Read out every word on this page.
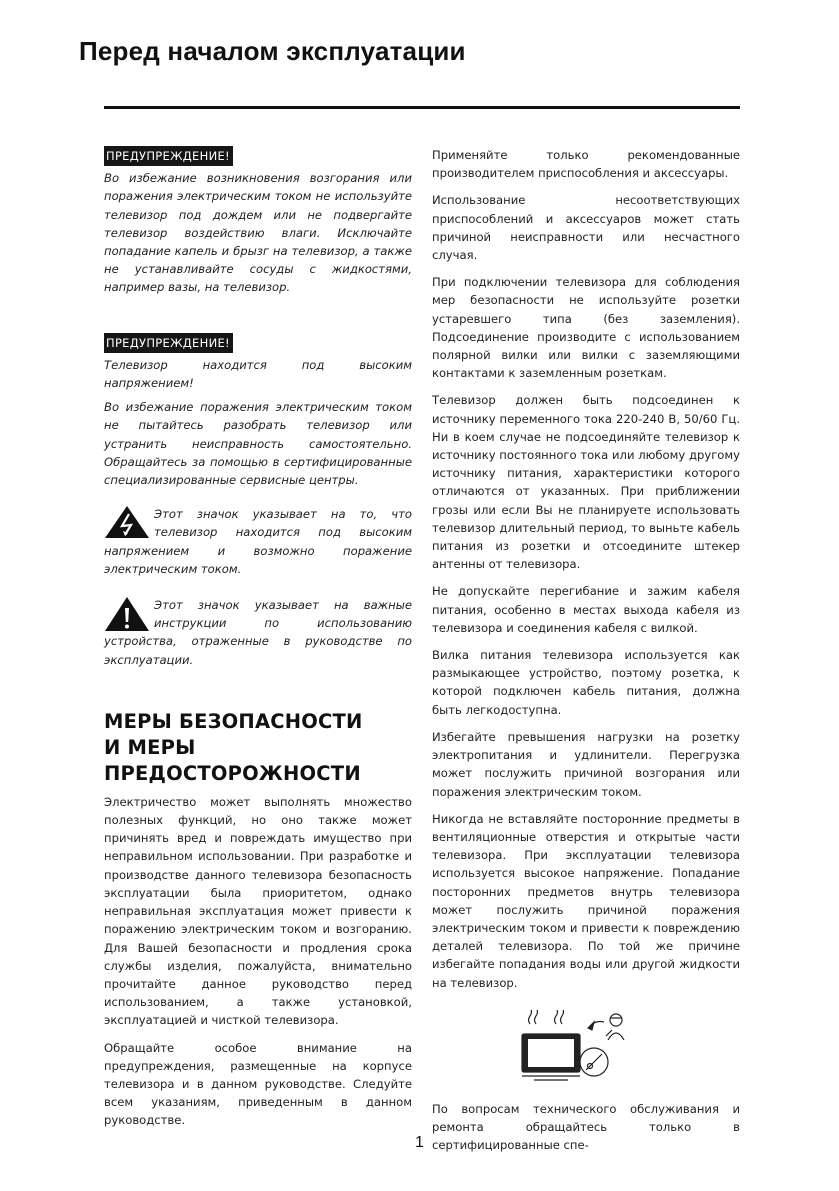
Перед началом эксплуатации
ПРЕДУПРЕЖДЕНИЕ!

Во избежание возникновения возгорания или поражения электрическим током не используйте телевизор под дождем или не подвергайте телевизор воздействию влаги. Исключайте попадание капель и брызг на телевизор, а также не устанавливайте сосуды с жидкостями, например вазы, на телевизор.

ПРЕДУПРЕЖДЕНИЕ!

Телевизор находится под высоким напряжением!

Во избежание поражения электрическим током не пытайтесь разобрать телевизор или устранить неисправность самостоятельно. Обращайтесь за помощью в сертифицированные специализированные сервисные центры.

Этот значок указывает на то, что телевизор находится под высоким напряжением и возможно поражение электрическим током.

Этот значок указывает на важные инструкции по использованию устройства, отраженные в руководстве по эксплуатации.

МЕРЫ БЕЗОПАСНОСТИ
И МЕРЫ ПРЕДОСТОРОЖНОСТИ

Электричество может выполнять множество полезных функций, но оно также может причинять вред и повреждать имущество при неправильном использовании. При разработке и производстве данного телевизора безопасность эксплуатации была приоритетом, однако неправильная эксплуатация может привести к поражению электрическим током и возгоранию. Для Вашей безопасности и продления срока службы изделия, пожалуйста, внимательно прочитайте данное руководство перед использованием, а также установкой, эксплуатацией и чисткой телевизора.

Обращайте особое внимание на предупреждения, размещенные на корпусе телевизора и в данном руководстве. Следуйте всем указаниям, приведенным в данном руководстве.

Применяйте только рекомендованные производителем приспособления и аксессуары.

Использование несоответствующих приспособлений и аксессуаров может стать причиной неисправности или несчастного случая.

При подключении телевизора для соблюдения мер безопасности не используйте розетки устаревшего типа (без заземления). Подсоединение производите с использованием полярной вилки или вилки с заземляющими контактами к заземленным розеткам.

Телевизор должен быть подсоединен к источнику переменного тока 220-240 В, 50/60 Гц. Ни в коем случае не подсоединяйте телевизор к источнику постоянного тока или любому другому источнику питания, характеристики которого отличаются от указанных. При приближении грозы или если Вы не планируете использовать телевизор длительный период, то выньте кабель питания из розетки и отсоедините штекер антенны от телевизора.

Не допускайте перегибание и зажим кабеля питания, особенно в местах выхода кабеля из телевизора и соединения кабеля с вилкой.

Вилка питания телевизора используется как размыкающее устройство, поэтому розетка, к которой подключен кабель питания, должна быть легкодоступна.

Избегайте превышения нагрузки на розетку электропитания и удлинители. Перегрузка может послужить причиной возгорания или поражения электрическим током.

Никогда не вставляйте посторонние предметы в вентиляционные отверстия и открытые части телевизора. При эксплуатации телевизора используется высокое напряжение. Попадание посторонних предметов внутрь телевизора может послужить причиной поражения электрическим током и привести к повреждению деталей телевизора. По той же причине избегайте попадания воды или другой жидкости на телевизор.

По вопросам технического обслуживания и ремонта обращайтесь только в сертифицированные спе-

1
